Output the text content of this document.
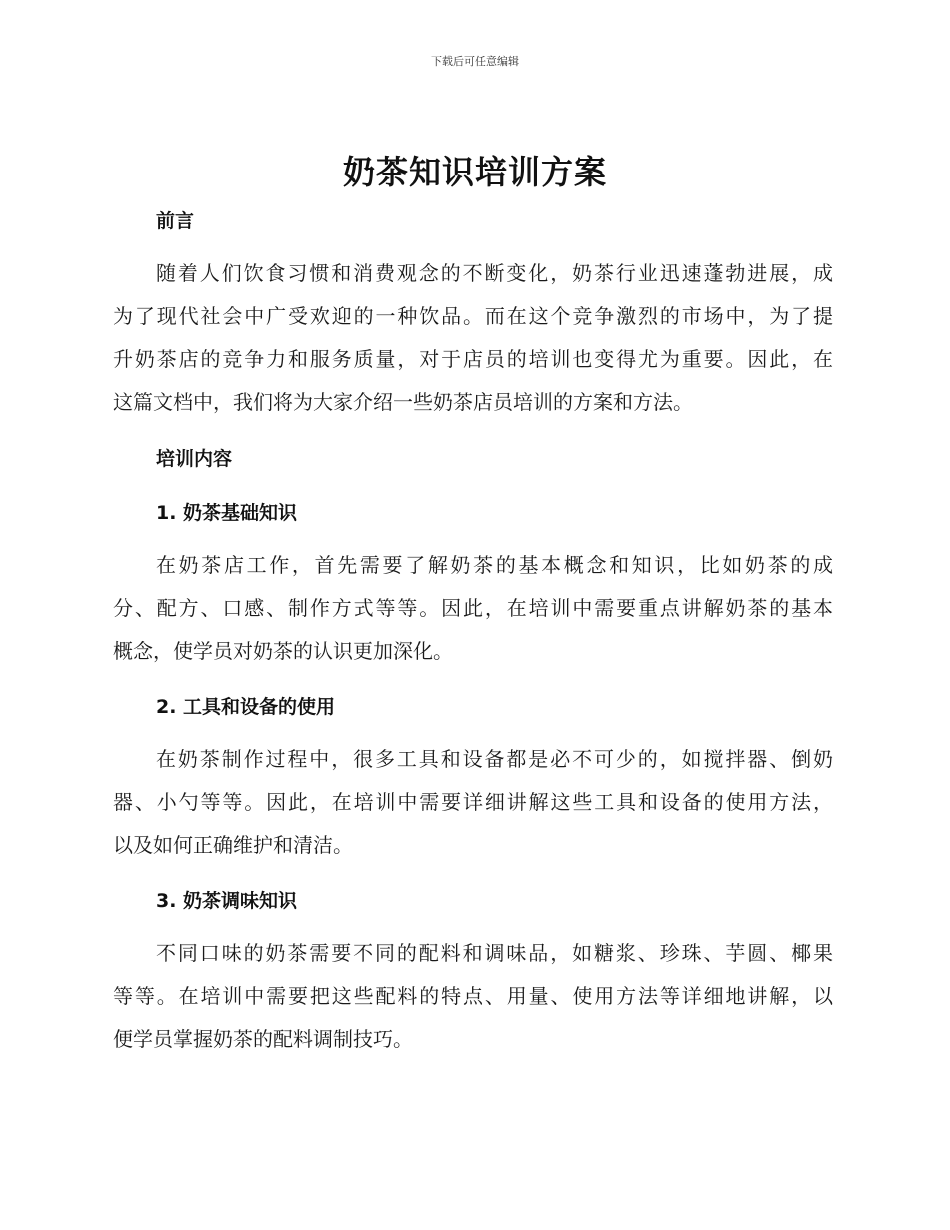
下载后可任意编辑
奶茶知识培训方案
前言
随着人们饮食习惯和消费观念的不断变化，奶茶行业迅速蓬勃进展，成
为了现代社会中广受欢迎的一种饮品。而在这个竞争激烈的市场中，为了提
升奶茶店的竞争力和服务质量，对于店员的培训也变得尤为重要。因此，在
这篇文档中，我们将为大家介绍一些奶茶店员培训的方案和方法。
培训内容
1. 奶茶基础知识
在奶茶店工作，首先需要了解奶茶的基本概念和知识，比如奶茶的成
分、配方、口感、制作方式等等。因此，在培训中需要重点讲解奶茶的基本
概念，使学员对奶茶的认识更加深化。
2. 工具和设备的使用
在奶茶制作过程中，很多工具和设备都是必不可少的，如搅拌器、倒奶
器、小勺等等。因此，在培训中需要详细讲解这些工具和设备的使用方法，
以及如何正确维护和清洁。
3. 奶茶调味知识
不同口味的奶茶需要不同的配料和调味品，如糖浆、珍珠、芋圆、椰果
等等。在培训中需要把这些配料的特点、用量、使用方法等详细地讲解，以
便学员掌握奶茶的配料调制技巧。
